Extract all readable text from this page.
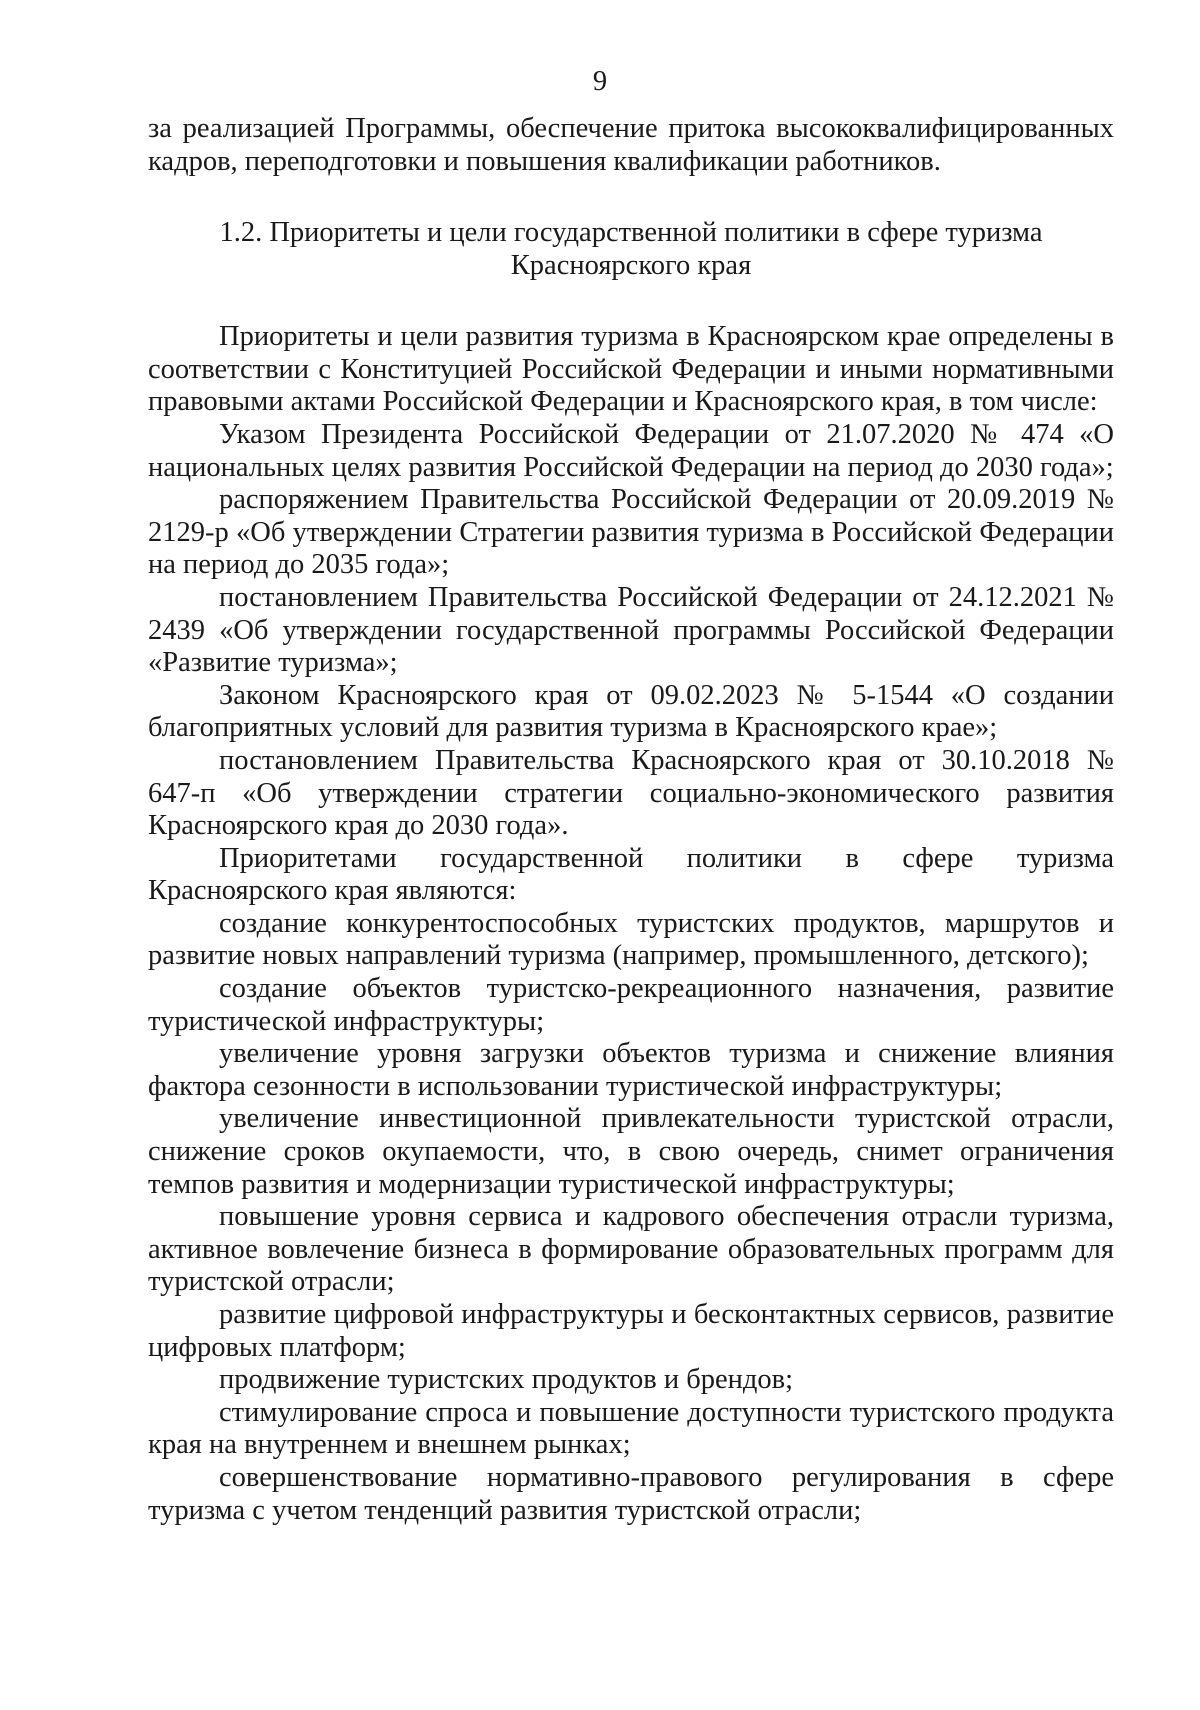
9

за реализацией Программы, обеспечение притока высококвалифицированных кадров, переподготовки и повышения квалификации работников.

1.2. Приоритеты и цели государственной политики в сфере туризма
Красноярского края

Приоритеты и цели развития туризма в Красноярском крае определены в соответствии с Конституцией Российской Федерации и иными нормативными правовыми актами Российской Федерации и Красноярского края, в том числе:

Указом Президента Российской Федерации от 21.07.2020 № 474 «О национальных целях развития Российской Федерации на период до 2030 года»;

распоряжением Правительства Российской Федерации от 20.09.2019 № 2129-р «Об утверждении Стратегии развития туризма в Российской Федерации на период до 2035 года»;

постановлением Правительства Российской Федерации от 24.12.2021 № 2439 «Об утверждении государственной программы Российской Федерации «Развитие туризма»;

Законом Красноярского края от 09.02.2023 № 5-1544 «О создании благоприятных условий для развития туризма в Красноярского крае»;

постановлением Правительства Красноярского края от 30.10.2018 № 647-п «Об утверждении стратегии социально-экономического развития Красноярского края до 2030 года».

Приоритетами государственной политики в сфере туризма Красноярского края являются:

создание конкурентоспособных туристских продуктов, маршрутов и развитие новых направлений туризма (например, промышленного, детского);

создание объектов туристско-рекреационного назначения, развитие туристической инфраструктуры;

увеличение уровня загрузки объектов туризма и снижение влияния фактора сезонности в использовании туристической инфраструктуры;

увеличение инвестиционной привлекательности туристской отрасли, снижение сроков окупаемости, что, в свою очередь, снимет ограничения темпов развития и модернизации туристической инфраструктуры;

повышение уровня сервиса и кадрового обеспечения отрасли туризма, активное вовлечение бизнеса в формирование образовательных программ для туристской отрасли;

развитие цифровой инфраструктуры и бесконтактных сервисов, развитие цифровых платформ;

продвижение туристских продуктов и брендов;

стимулирование спроса и повышение доступности туристского продукта края на внутреннем и внешнем рынках;

совершенствование нормативно-правового регулирования в сфере туризма с учетом тенденций развития туристской отрасли;
